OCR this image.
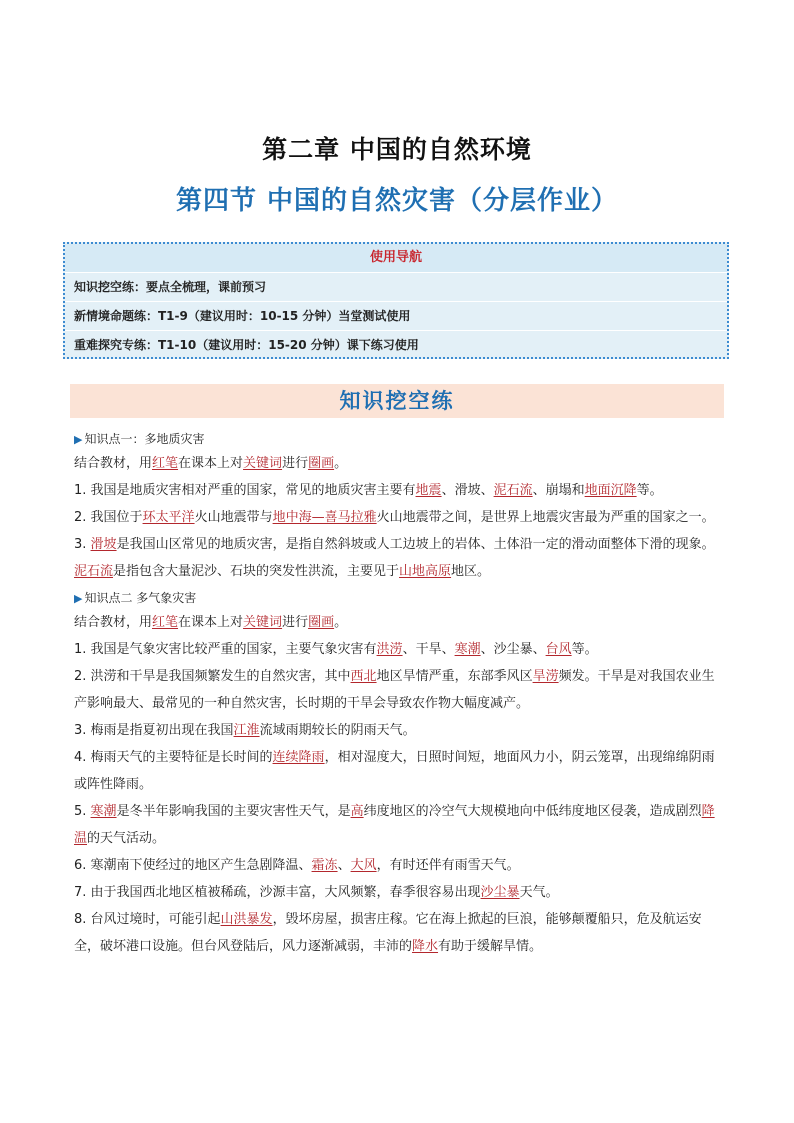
第二章 中国的自然环境
第四节 中国的自然灾害（分层作业）
使用导航
知识挖空练：要点全梳理，课前预习
新情境命题练：T1-9（建议用时：10-15 分钟）当堂测试使用
重难探究专练：T1-10（建议用时：15-20 分钟）课下练习使用
知识挖空练
▶ 知识点一：多地质灾害
结合教材，用红笔在课本上对关键词进行圈画。
1. 我国是地质灾害相对严重的国家，常见的地质灾害主要有地震、滑坡、泥石流、崩塌和地面沉降等。
2. 我国位于环太平洋火山地震带与地中海—喜马拉雅火山地震带之间，是世界上地震灾害最为严重的国家之一。
3. 滑坡是我国山区常见的地质灾害，是指自然斜坡或人工边坡上的岩体、土体沿一定的滑动面整体下滑的现象。泥石流是指包含大量泥沙、石块的突发性洪流，主要见于山地高原地区。
▶ 知识点二 多气象灾害
结合教材，用红笔在课本上对关键词进行圈画。
1. 我国是气象灾害比较严重的国家，主要气象灾害有洪涝、干旱、寒潮、沙尘暴、台风等。
2. 洪涝和干旱是我国频繁发生的自然灾害，其中西北地区旱情严重，东部季风区旱涝频发。干旱是对我国农业生产影响最大、最常见的一种自然灾害，长时期的干旱会导致农作物大幅度减产。
3. 梅雨是指夏初出现在我国江淮流域雨期较长的阴雨天气。
4. 梅雨天气的主要特征是长时间的连续降雨，相对湿度大，日照时间短，地面风力小，阴云笼罩，出现绵绵阴雨或阵性降雨。
5. 寒潮是冬半年影响我国的主要灾害性天气，是高纬度地区的冷空气大规模地向中低纬度地区侵袭，造成剧烈降温的天气活动。
6. 寒潮南下使经过的地区产生急剧降温、霜冻、大风，有时还伴有雨雪天气。
7. 由于我国西北地区植被稀疏，沙源丰富，大风频繁，春季很容易出现沙尘暴天气。
8. 台风过境时，可能引起山洪暴发，毁坏房屋，损害庄稼。它在海上掀起的巨浪，能够颠覆船只，危及航运安全，破坏港口设施。但台风登陆后，风力逐渐减弱，丰沛的降水有助于缓解旱情。
